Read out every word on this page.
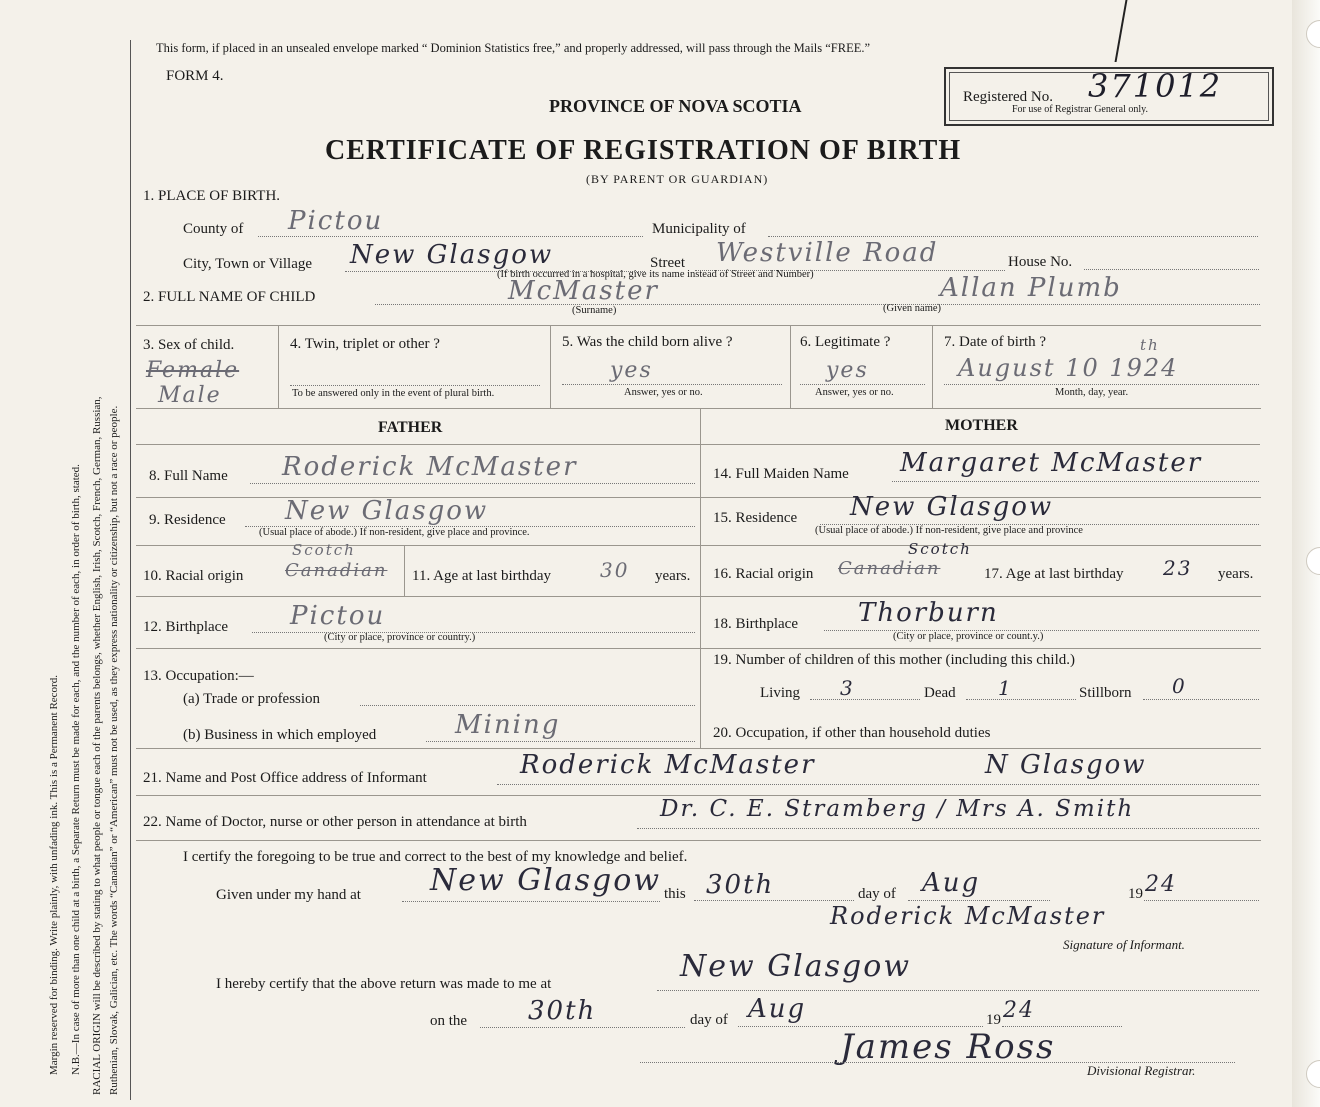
Margin reserved for binding. Write plainly, with unfading ink. This is a Permanent Record. N.B.—In case of more than one child at a birth, a Separate Return must be made for each, and the number of each, in order of birth, stated. RACIAL ORIGIN will be described by stating to what people or tongue each of the parents belongs, whether English, Irish, Scotch, French, German, Russian, Ruthenian, Slovak, Galician, etc. The words “Canadian” or “American” must not be used, as they express nationality or citizenship, but not a race or people.
This form, if placed in an unsealed envelope marked “ Dominion Statistics free,” and properly addressed, will pass through the Mails “FREE.”
FORM 4.
PROVINCE OF NOVA SCOTIA
CERTIFICATE OF REGISTRATION OF BIRTH
(BY PARENT OR GUARDIAN)
Registered No. 371012
For use of Registrar General only.
1. PLACE OF BIRTH.
County of Pictou	Municipality of
City, Town or Village New Glasgow	Street Westville Road	House No.
(If birth occurred in a hospital, give its name instead of Street and Number)
2. FULL NAME OF CHILD	McMaster	Allan Plumb
(Surname)	(Given name)
3. Sex of child.
Female
Male
4. Twin, triplet or other ?
To be answered only in the event of plural birth.
5. Was the child born alive ?
yes
Answer, yes or no.
6. Legitimate ?
yes
Answer, yes or no.
7. Date of birth ?
August 10 1924
th
Month, day, year.
FATHER	MOTHER
8. Full Name Roderick McMaster
9. Residence New Glasgow
(Usual place of abode.) If non-resident, give place and province.
10. Racial origin Canadian
Scotch
11. Age at last birthday 30 years.
12. Birthplace Pictou
(City or place, province or country.)
13. Occupation:—
(a) Trade or profession
(b) Business in which employed	Mining
14. Full Maiden Name Margaret McMaster
15. Residence New Glasgow
(Usual place of abode.) If non-resident, give place and province
16. Racial origin Canadian
Scotch
17. Age at last birthday 23 years.
18. Birthplace Thorburn
(City or place, province or count.y.)
19. Number of children of this mother (including this child.)
Living 3	Dead 1	Stillborn 0
20. Occupation, if other than household duties
21. Name and Post Office address of Informant	Roderick McMaster	N Glasgow
22. Name of Doctor, nurse or other person in attendance at birth	Dr. C. E. Stramberg / Mrs A. Smith
I certify the foregoing to be true and correct to the best of my knowledge and belief.
Given under my hand at New Glasgow this 30th	day of Aug	19 24
Roderick McMaster
Signature of Informant.
I hereby certify that the above return was made to me at	New Glasgow
on the 30th	day of Aug	19 24
James Ross
Divisional Registrar.
